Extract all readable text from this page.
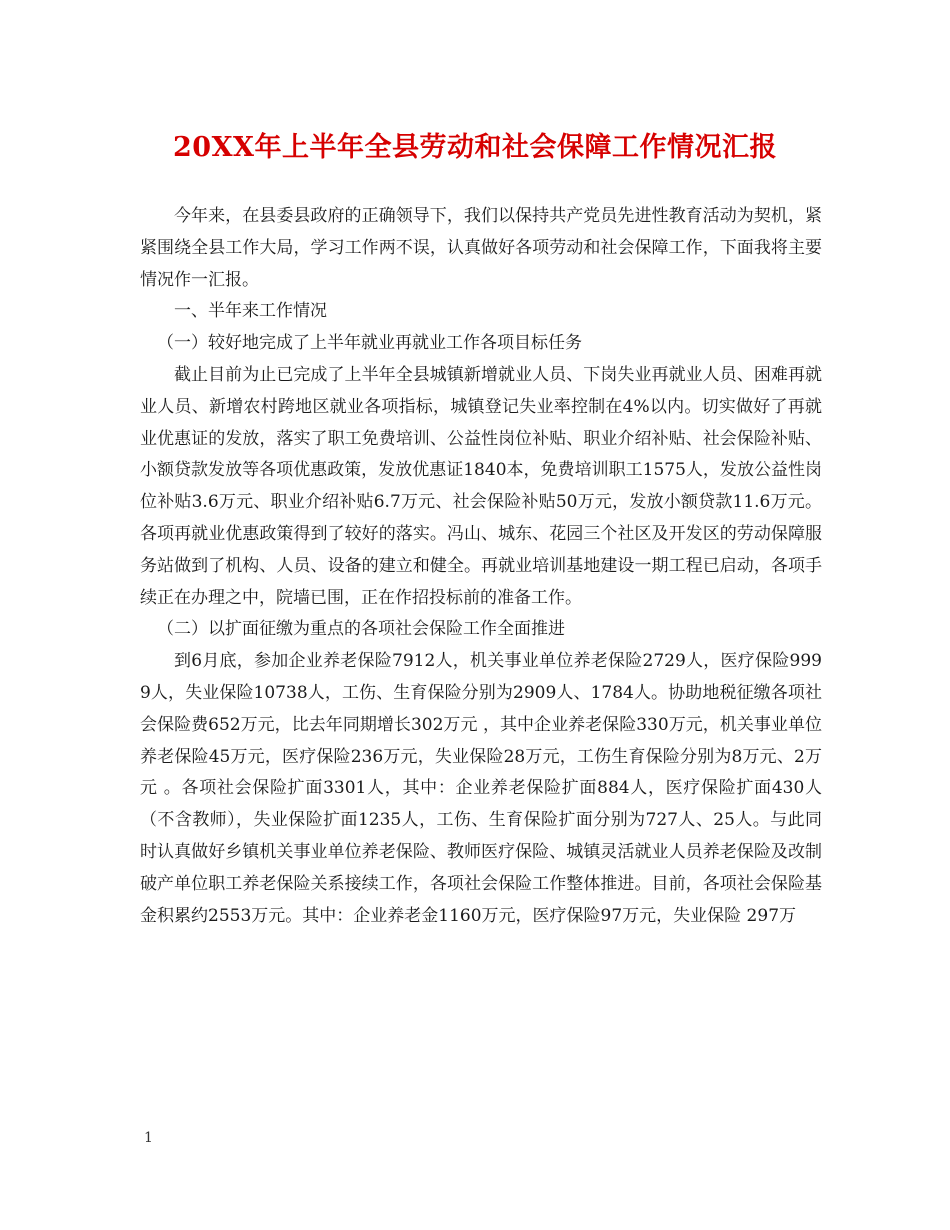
20XX年上半年全县劳动和社会保障工作情况汇报

今年来，在县委县政府的正确领导下，我们以保持共产党员先进性教育活动为契机，紧紧围绕全县工作大局，学习工作两不误，认真做好各项劳动和社会保障工作，下面我将主要情况作一汇报。

一、半年来工作情况

（一）较好地完成了上半年就业再就业工作各项目标任务

截止目前为止已完成了上半年全县城镇新增就业人员、下岗失业再就业人员、困难再就业人员、新增农村跨地区就业各项指标，城镇登记失业率控制在4%以内。切实做好了再就业优惠证的发放，落实了职工免费培训、公益性岗位补贴、职业介绍补贴、社会保险补贴、小额贷款发放等各项优惠政策，发放优惠证1840本，免费培训职工1575人，发放公益性岗位补贴3.6万元、职业介绍补贴6.7万元、社会保险补贴50万元，发放小额贷款11.6万元。各项再就业优惠政策得到了较好的落实。冯山、城东、花园三个社区及开发区的劳动保障服务站做到了机构、人员、设备的建立和健全。再就业培训基地建设一期工程已启动，各项手续正在办理之中，院墙已围，正在作招投标前的准备工作。

（二）以扩面征缴为重点的各项社会保险工作全面推进

到6月底，参加企业养老保险7912人，机关事业单位养老保险2729人，医疗保险9999人，失业保险10738人，工伤、生育保险分别为2909人、1784人。协助地税征缴各项社会保险费652万元，比去年同期增长302万元 ，其中企业养老保险330万元，机关事业单位养老保险45万元，医疗保险236万元，失业保险28万元，工伤生育保险分别为8万元、2万元 。各项社会保险扩面3301人，其中：企业养老保险扩面884人，医疗保险扩面430人（不含教师），失业保险扩面1235人，工伤、生育保险扩面分别为727人、25人。与此同时认真做好乡镇机关事业单位养老保险、教师医疗保险、城镇灵活就业人员养老保险及改制破产单位职工养老保险关系接续工作，各项社会保险工作整体推进。目前，各项社会保险基金积累约2553万元。其中：企业养老金1160万元，医疗保险97万元，失业保险 297万

1
